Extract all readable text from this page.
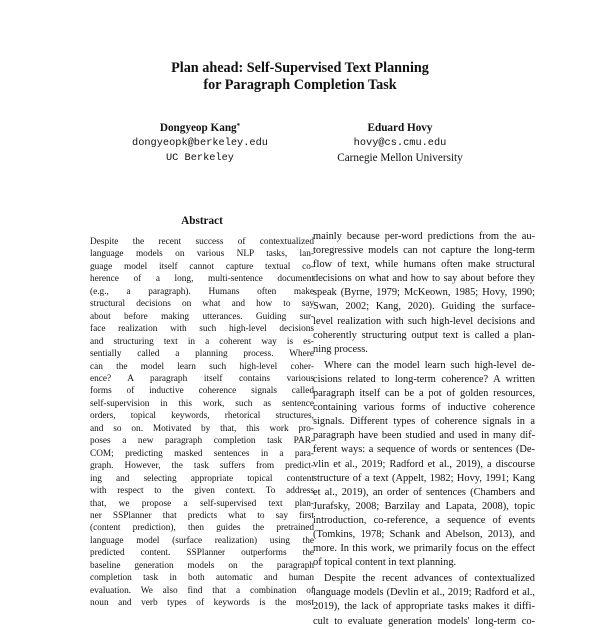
Plan ahead: Self-Supervised Text Planning
for Paragraph Completion Task
Dongyeop Kang*
dongyeopk@berkeley.edu
UC Berkeley
Eduard Hovy
hovy@cs.cmu.edu
Carnegie Mellon University
Abstract
Despite the recent success of contextualized
language models on various NLP tasks, lan-
guage model itself cannot capture textual co-
herence of a long, multi-sentence document
(e.g., a paragraph). Humans often make
structural decisions on what and how to say
about before making utterances. Guiding sur-
face realization with such high-level decisions
and structuring text in a coherent way is es-
sentially called a planning process. Where
can the model learn such high-level coher-
ence? A paragraph itself contains various
forms of inductive coherence signals called
self-supervision in this work, such as sentence
orders, topical keywords, rhetorical structures,
and so on. Motivated by that, this work pro-
poses a new paragraph completion task PAR-
COM; predicting masked sentences in a para-
graph. However, the task suffers from predict-
ing and selecting appropriate topical content
with respect to the given context. To address
that, we propose a self-supervised text plan-
ner SSPlanner that predicts what to say first
(content prediction), then guides the pretrained
language model (surface realization) using the
predicted content. SSPlanner outperforms the
baseline generation models on the paragraph
completion task in both automatic and human
evaluation. We also find that a combination of
noun and verb types of keywords is the most
mainly because per-word predictions from the au-
toregressive models can not capture the long-term
flow of text, while humans often make structural
decisions on what and how to say about before they
speak (Byrne, 1979; McKeown, 1985; Hovy, 1990;
Swan, 2002; Kang, 2020). Guiding the surface-
level realization with such high-level decisions and
coherently structuring output text is called a plan-
ning process.
Where can the model learn such high-level de-
cisions related to long-term coherence? A written
paragraph itself can be a pot of golden resources,
containing various forms of inductive coherence
signals. Different types of coherence signals in a
paragraph have been studied and used in many dif-
ferent ways: a sequence of words or sentences (De-
vlin et al., 2019; Radford et al., 2019), a discourse
structure of a text (Appelt, 1982; Hovy, 1991; Kang
et al., 2019), an order of sentences (Chambers and
Jurafsky, 2008; Barzilay and Lapata, 2008), topic
introduction, co-reference, a sequence of events
(Tomkins, 1978; Schank and Abelson, 2013), and
more. In this work, we primarily focus on the effect
of topical content in text planning.
Despite the recent advances of contextualized
language models (Devlin et al., 2019; Radford et al.,
2019), the lack of appropriate tasks makes it diffi-
cult to evaluate generation models' long-term co-
